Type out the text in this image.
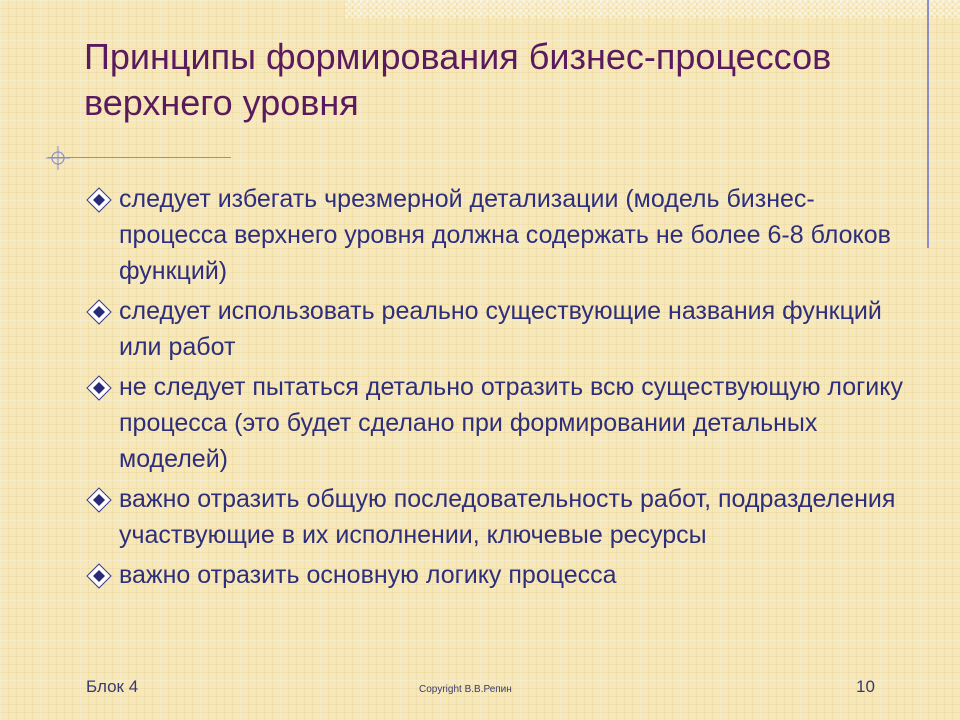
Принципы формирования бизнес-процессов верхнего уровня
следует избегать чрезмерной детализации (модель бизнес-процесса верхнего уровня должна содержать не более 6-8 блоков функций)
следует использовать реально существующие названия функций или работ
не следует пытаться детально отразить всю существующую логику процесса (это будет сделано при формировании детальных моделей)
важно отразить общую последовательность работ, подразделения участвующие в их исполнении, ключевые ресурсы
важно отразить основную логику процесса
Блок 4	Copyright В.В.Репин	10
